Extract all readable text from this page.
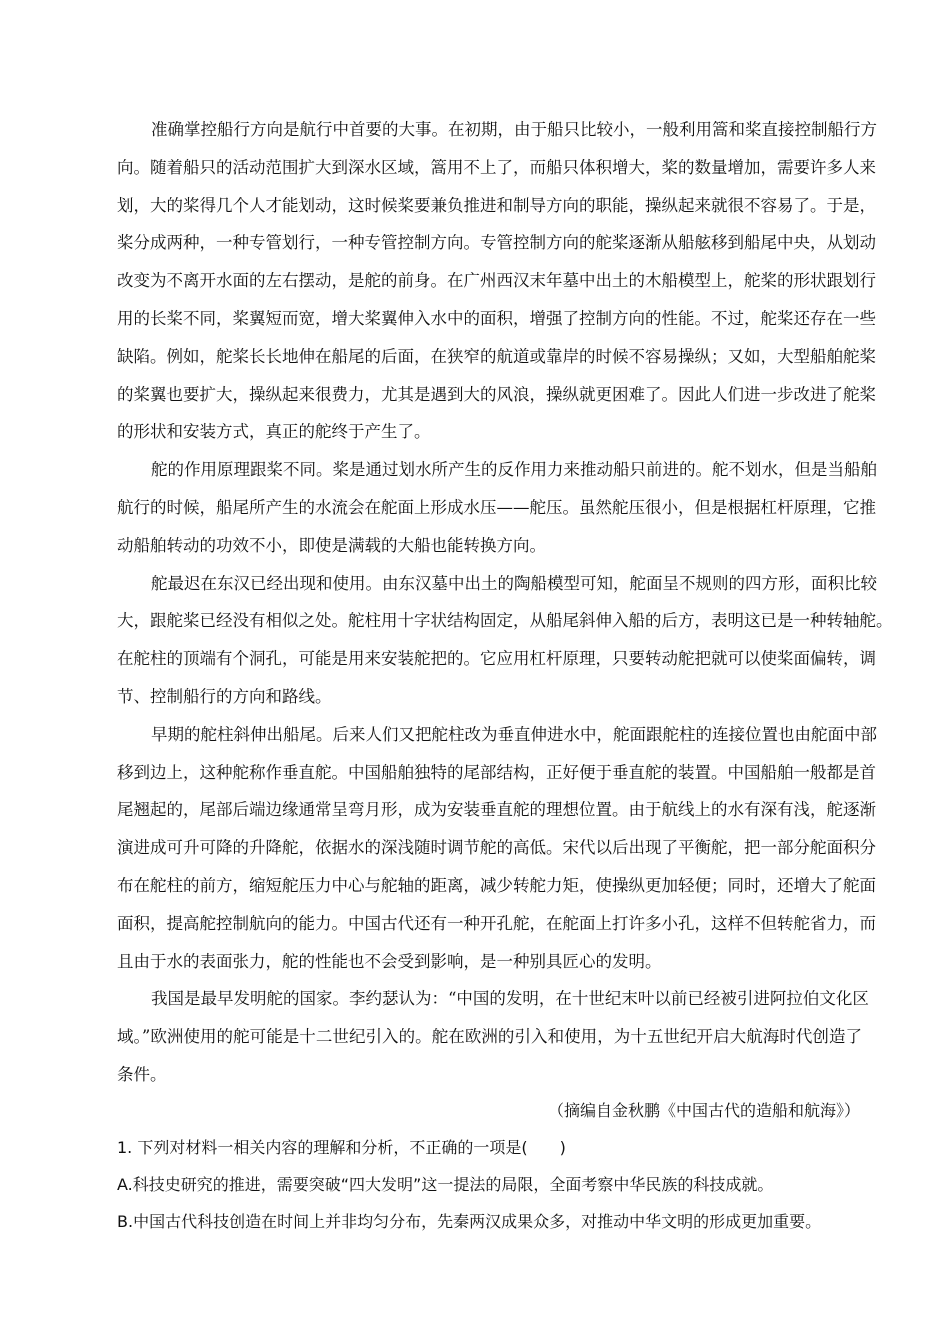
准确掌控船行方向是航行中首要的大事。在初期，由于船只比较小，一般利用篙和桨直接控制船行方
向。随着船只的活动范围扩大到深水区域，篙用不上了，而船只体积增大，桨的数量增加，需要许多人来
划，大的桨得几个人才能划动，这时候桨要兼负推进和制导方向的职能，操纵起来就很不容易了。于是，
桨分成两种，一种专管划行，一种专管控制方向。专管控制方向的舵桨逐渐从船舷移到船尾中央，从划动
改变为不离开水面的左右摆动，是舵的前身。在广州西汉末年墓中出土的木船模型上，舵桨的形状跟划行
用的长桨不同，桨翼短而宽，增大桨翼伸入水中的面积，增强了控制方向的性能。不过，舵桨还存在一些
缺陷。例如，舵桨长长地伸在船尾的后面，在狭窄的航道或靠岸的时候不容易操纵；又如，大型船舶舵桨
的桨翼也要扩大，操纵起来很费力，尤其是遇到大的风浪，操纵就更困难了。因此人们进一步改进了舵桨
的形状和安装方式，真正的舵终于产生了。
舵的作用原理跟桨不同。桨是通过划水所产生的反作用力来推动船只前进的。舵不划水，但是当船舶
航行的时候，船尾所产生的水流会在舵面上形成水压——舵压。虽然舵压很小，但是根据杠杆原理，它推
动船舶转动的功效不小，即使是满载的大船也能转换方向。
舵最迟在东汉已经出现和使用。由东汉墓中出土的陶船模型可知，舵面呈不规则的四方形，面积比较
大，跟舵桨已经没有相似之处。舵柱用十字状结构固定，从船尾斜伸入船的后方，表明这已是一种转轴舵。
在舵柱的顶端有个洞孔，可能是用来安装舵把的。它应用杠杆原理，只要转动舵把就可以使桨面偏转，调
节、控制船行的方向和路线。
早期的舵柱斜伸出船尾。后来人们又把舵柱改为垂直伸进水中，舵面跟舵柱的连接位置也由舵面中部
移到边上，这种舵称作垂直舵。中国船舶独特的尾部结构，正好便于垂直舵的装置。中国船舶一般都是首
尾翘起的，尾部后端边缘通常呈弯月形，成为安装垂直舵的理想位置。由于航线上的水有深有浅，舵逐渐
演进成可升可降的升降舵，依据水的深浅随时调节舵的高低。宋代以后出现了平衡舵，把一部分舵面积分
布在舵柱的前方，缩短舵压力中心与舵轴的距离，减少转舵力矩，使操纵更加轻便；同时，还增大了舵面
面积，提高舵控制航向的能力。中国古代还有一种开孔舵，在舵面上打许多小孔，这样不但转舵省力，而
且由于水的表面张力，舵的性能也不会受到影响，是一种别具匠心的发明。
我国是最早发明舵的国家。李约瑟认为：“中国的发明，在十世纪末叶以前已经被引进阿拉伯文化区
域。”欧洲使用的舵可能是十二世纪引入的。舵在欧洲的引入和使用，为十五世纪开启大航海时代创造了
条件。
（摘编自金秋鹏《中国古代的造船和航海》）
1. 下列对材料一相关内容的理解和分析，不正确的一项是(　　)
A.科技史研究的推进，需要突破“四大发明”这一提法的局限，全面考察中华民族的科技成就。
B.中国古代科技创造在时间上并非均匀分布，先秦两汉成果众多，对推动中华文明的形成更加重要。
